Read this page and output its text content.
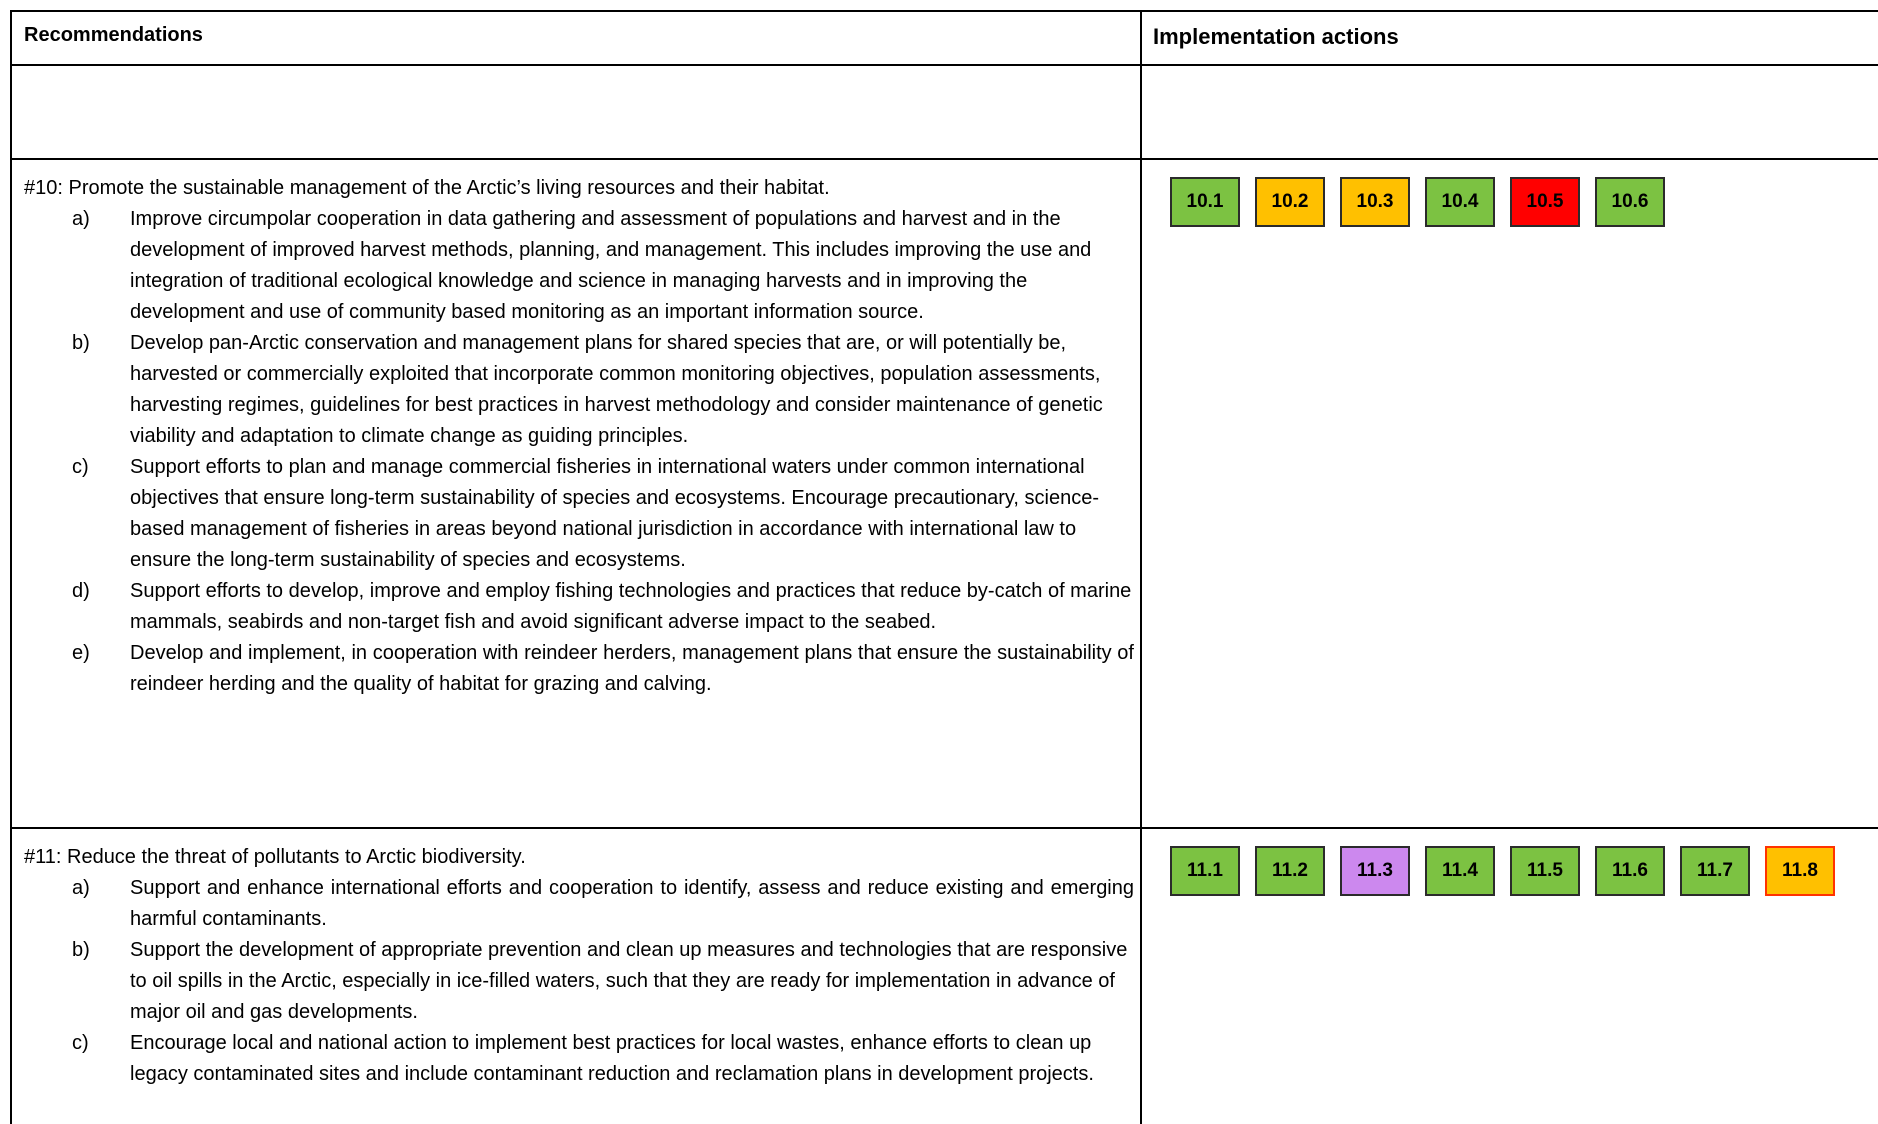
Recommendations	Implementation actions
#10: Promote the sustainable management of the Arctic’s living resources and their habitat.
a) Improve circumpolar cooperation in data gathering and assessment of populations and harvest and in the development of improved harvest methods, planning, and management. This includes improving the use and integration of traditional ecological knowledge and science in managing harvests and in improving the development and use of community based monitoring as an important information source.
b) Develop pan-Arctic conservation and management plans for shared species that are, or will potentially be, harvested or commercially exploited that incorporate common monitoring objectives, population assessments, harvesting regimes, guidelines for best practices in harvest methodology and consider maintenance of genetic viability and adaptation to climate change as guiding principles.
c) Support efforts to plan and manage commercial fisheries in international waters under common international objectives that ensure long-term sustainability of species and ecosystems. Encourage precautionary, science-based management of fisheries in areas beyond national jurisdiction in accordance with international law to ensure the long-term sustainability of species and ecosystems.
d) Support efforts to develop, improve and employ fishing technologies and practices that reduce by-catch of marine mammals, seabirds and non-target fish and avoid significant adverse impact to the seabed.
e) Develop and implement, in cooperation with reindeer herders, management plans that ensure the sustainability of reindeer herding and the quality of habitat for grazing and calving.
10.1	10.2	10.3	10.4	10.5	10.6
#11: Reduce the threat of pollutants to Arctic biodiversity.
a) Support and enhance international efforts and cooperation to identify, assess and reduce existing and emerging harmful contaminants.
b) Support the development of appropriate prevention and clean up measures and technologies that are responsive to oil spills in the Arctic, especially in ice-filled waters, such that they are ready for implementation in advance of major oil and gas developments.
c) Encourage local and national action to implement best practices for local wastes, enhance efforts to clean up legacy contaminated sites and include contaminant reduction and reclamation plans in development projects.
11.1	11.2	11.3	11.4	11.5	11.6	11.7	11.8
